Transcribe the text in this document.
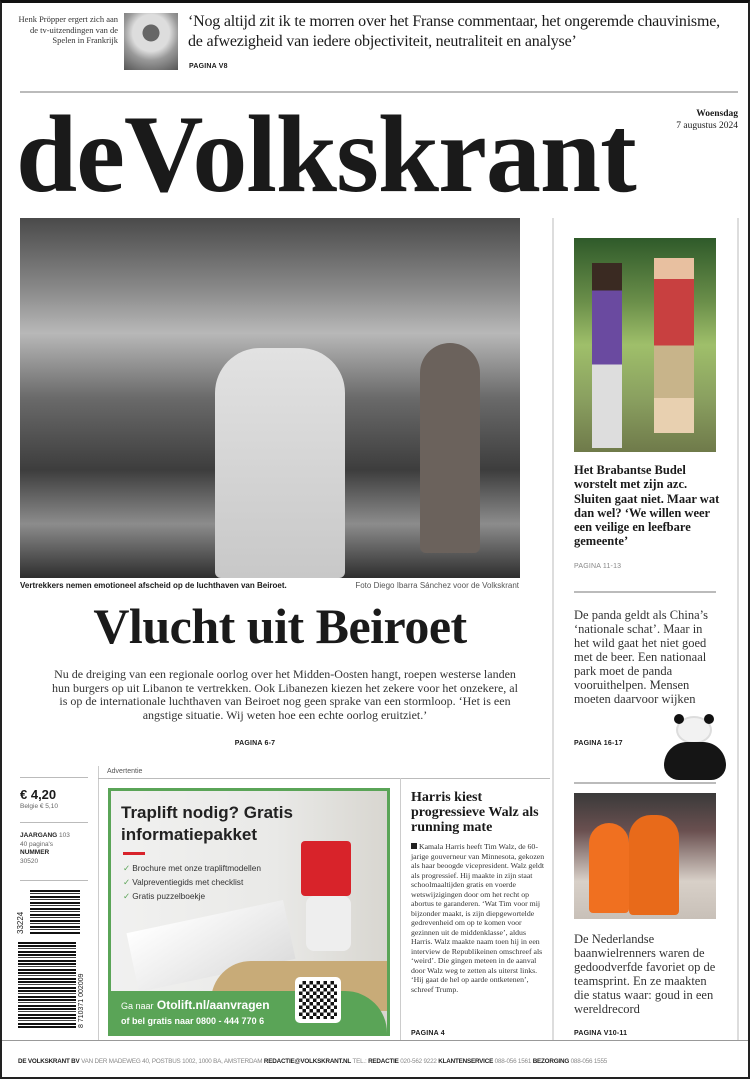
Henk Pröpper ergert zich aan de tv-uitzendingen van de Spelen in Frankrijk
‘Nog altijd zit ik te morren over het Franse commentaar, het ongeremde chauvinisme, de afwezigheid van iedere objectiviteit, neutraliteit en analyse’
PAGINA V8
deVolkskrant	Woensdag
7 augustus 2024
Vertrekkers nemen emotioneel afscheid op de luchthaven van Beiroet.	Foto Diego Ibarra Sánchez voor de Volkskrant
Vlucht uit Beiroet
Nu de dreiging van een regionale oorlog over het Midden-Oosten hangt, roepen westerse landen hun burgers op uit Libanon te vertrekken. Ook Libanezen kiezen het zekere voor het onzekere, al is op de internationale luchthaven van Beiroet nog geen sprake van een stormloop. ‘Het is een angstige situatie. Wij weten hoe een echte oorlog eruitziet.’
PAGINA 6-7
€ 4,20
Belgie € 5,10
JAARGANG 103
40 pagina's
NUMMER
30520
33224
8 710371 002009
Advertentie
Traplift nodig? Gratis informatiepakket
✓ Brochure met onze trapliftmodellen
✓ Valpreventiegids met checklist
✓ Gratis puzzelboekje
Ga naar Otolift.nl/aanvragen
of bel gratis naar 0800 - 444 770 6
Harris kiest progressieve Walz als running mate
Kamala Harris heeft Tim Walz, de 60-jarige gouverneur van Minnesota, gekozen als haar beoogde vicepresident. Walz geldt als progressief. Hij maakte in zijn staat schoolmaaltijden gratis en voerde wetswijzigingen door om het recht op abortus te garanderen. ‘Wat Tim voor mij bijzonder maakt, is zijn diepgewortelde gedrevenheid om op te komen voor gezinnen uit de middenklasse’, aldus Harris. Walz maakte naam toen hij in een interview de Republikeinen omschreef als ‘weird’. Die gingen meteen in de aanval door Walz weg te zetten als uiterst links. ‘Hij gaat de hel op aarde ontketenen’, schreef Trump.
PAGINA 4
Het Brabantse Budel worstelt met zijn azc. Sluiten gaat niet. Maar wat dan wel? ‘We willen weer een veilige en leefbare gemeente’
PAGINA 11-13
De panda geldt als China’s ‘nationale schat’. Maar in het wild gaat het niet goed met de beer. Een nationaal park moet de panda vooruithelpen. Mensen moeten daarvoor wijken
PAGINA 16-17
De Nederlandse baanwielrenners waren de gedoodverfde favoriet op de teamsprint. En ze maakten die status waar: goud in een wereldrecord
PAGINA V10-11
DE VOLKSKRANT BV VAN DER MADEWEG 40, POSTBUS 1002, 1000 BA, AMSTERDAM REDACTIE@VOLKSKRANT.NL TEL.: REDACTIE 020-562 9222 KLANTENSERVICE 088-056 1561 BEZORGING 088-056 1555
